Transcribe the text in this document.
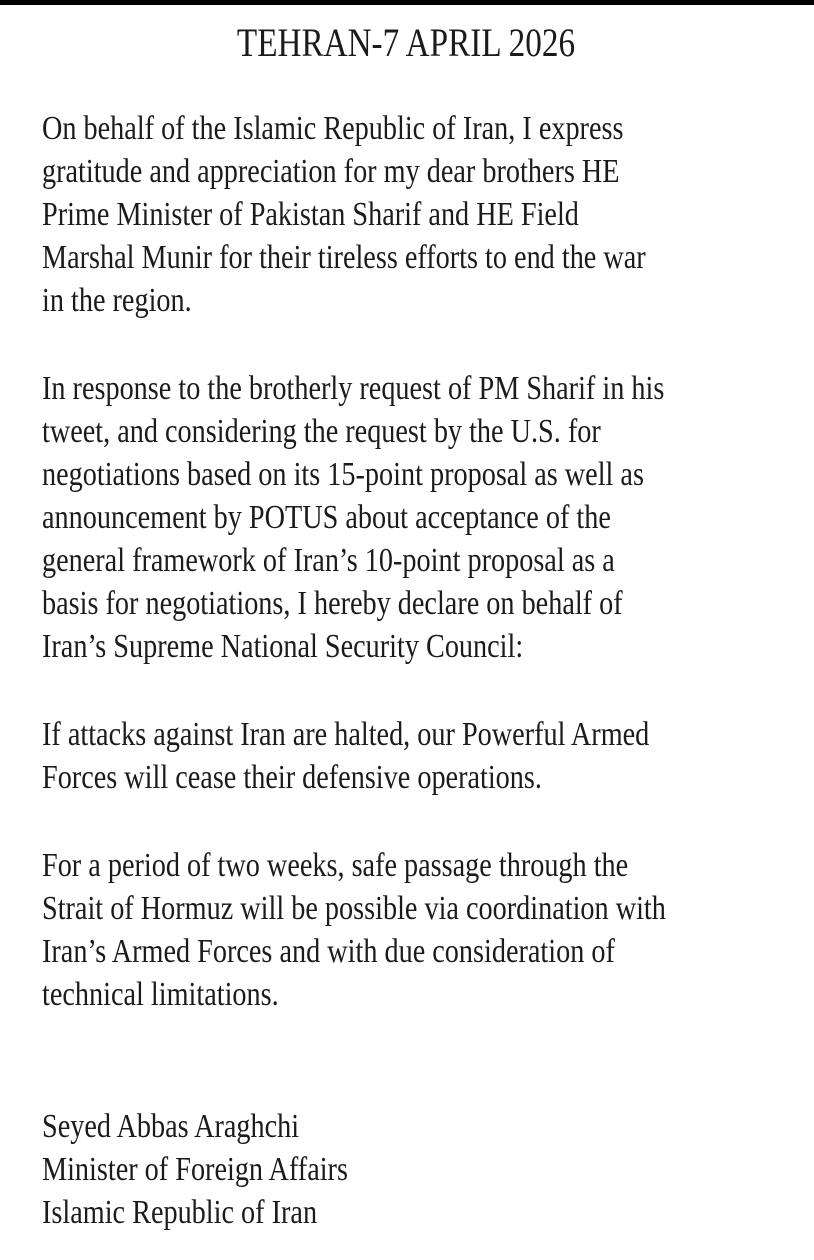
TEHRAN-7 APRIL 2026
On behalf of the Islamic Republic of Iran, I express
gratitude and appreciation for my dear brothers HE
Prime Minister of Pakistan Sharif and HE Field
Marshal Munir for their tireless efforts to end the war
in the region.
In response to the brotherly request of PM Sharif in his
tweet, and considering the request by the U.S. for
negotiations based on its 15-point proposal as well as
announcement by POTUS about acceptance of the
general framework of Iran’s 10-point proposal as a
basis for negotiations, I hereby declare on behalf of
Iran’s Supreme National Security Council:
If attacks against Iran are halted, our Powerful Armed
Forces will cease their defensive operations.
For a period of two weeks, safe passage through the
Strait of Hormuz will be possible via coordination with
Iran’s Armed Forces and with due consideration of
technical limitations.
Seyed Abbas Araghchi
Minister of Foreign Affairs
Islamic Republic of Iran
